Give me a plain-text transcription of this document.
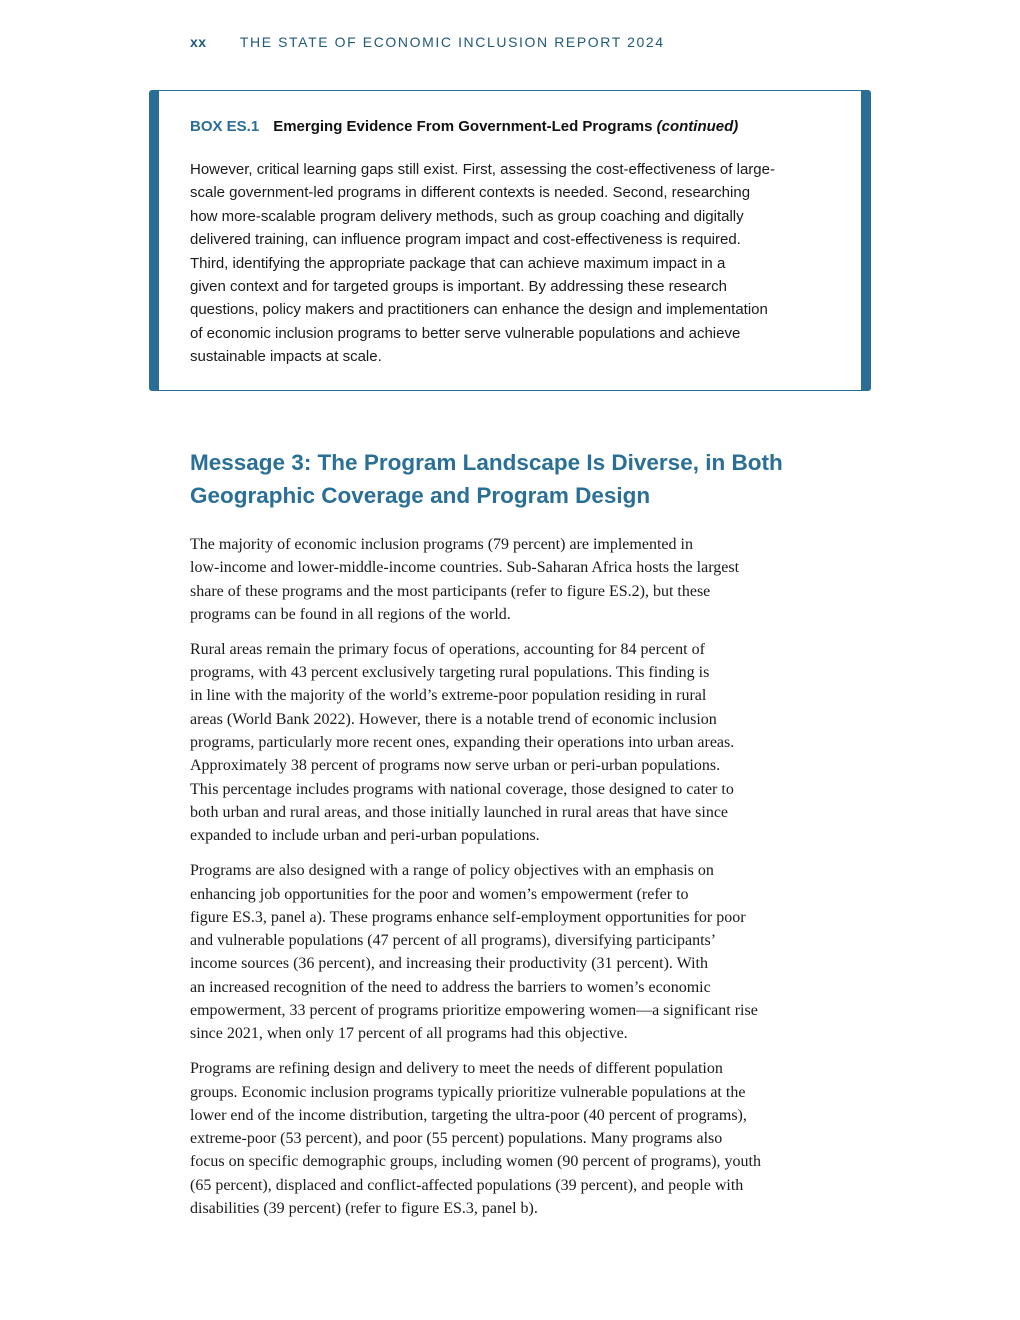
xx THE STATE OF ECONOMIC INCLUSION REPORT 2024
BOX ES.1 Emerging Evidence From Government-Led Programs (continued)
However, critical learning gaps still exist. First, assessing the cost-effectiveness of large-
scale government-led programs in different contexts is needed. Second, researching
how more-scalable program delivery methods, such as group coaching and digitally
delivered training, can influence program impact and cost-effectiveness is required.
Third, identifying the appropriate package that can achieve maximum impact in a
given context and for targeted groups is important. By addressing these research
questions, policy makers and practitioners can enhance the design and implementation
of economic inclusion programs to better serve vulnerable populations and achieve
sustainable impacts at scale.
Message 3: The Program Landscape Is Diverse, in Both
Geographic Coverage and Program Design

The majority of economic inclusion programs (79 percent) are implemented in
low-income and lower-middle-income countries. Sub-Saharan Africa hosts the largest
share of these programs and the most participants (refer to figure ES.2), but these
programs can be found in all regions of the world.

Rural areas remain the primary focus of operations, accounting for 84 percent of
programs, with 43 percent exclusively targeting rural populations. This finding is
in line with the majority of the world’s extreme-poor population residing in rural
areas (World Bank 2022). However, there is a notable trend of economic inclusion
programs, particularly more recent ones, expanding their operations into urban areas.
Approximately 38 percent of programs now serve urban or peri-urban populations.
This percentage includes programs with national coverage, those designed to cater to
both urban and rural areas, and those initially launched in rural areas that have since
expanded to include urban and peri-urban populations.

Programs are also designed with a range of policy objectives with an emphasis on
enhancing job opportunities for the poor and women’s empowerment (refer to
figure ES.3, panel a). These programs enhance self-employment opportunities for poor
and vulnerable populations (47 percent of all programs), diversifying participants’
income sources (36 percent), and increasing their productivity (31 percent). With
an increased recognition of the need to address the barriers to women’s economic
empowerment, 33 percent of programs prioritize empowering women—a significant rise
since 2021, when only 17 percent of all programs had this objective.

Programs are refining design and delivery to meet the needs of different population
groups. Economic inclusion programs typically prioritize vulnerable populations at the
lower end of the income distribution, targeting the ultra-poor (40 percent of programs),
extreme-poor (53 percent), and poor (55 percent) populations. Many programs also
focus on specific demographic groups, including women (90 percent of programs), youth
(65 percent), displaced and conflict-affected populations (39 percent), and people with
disabilities (39 percent) (refer to figure ES.3, panel b).
